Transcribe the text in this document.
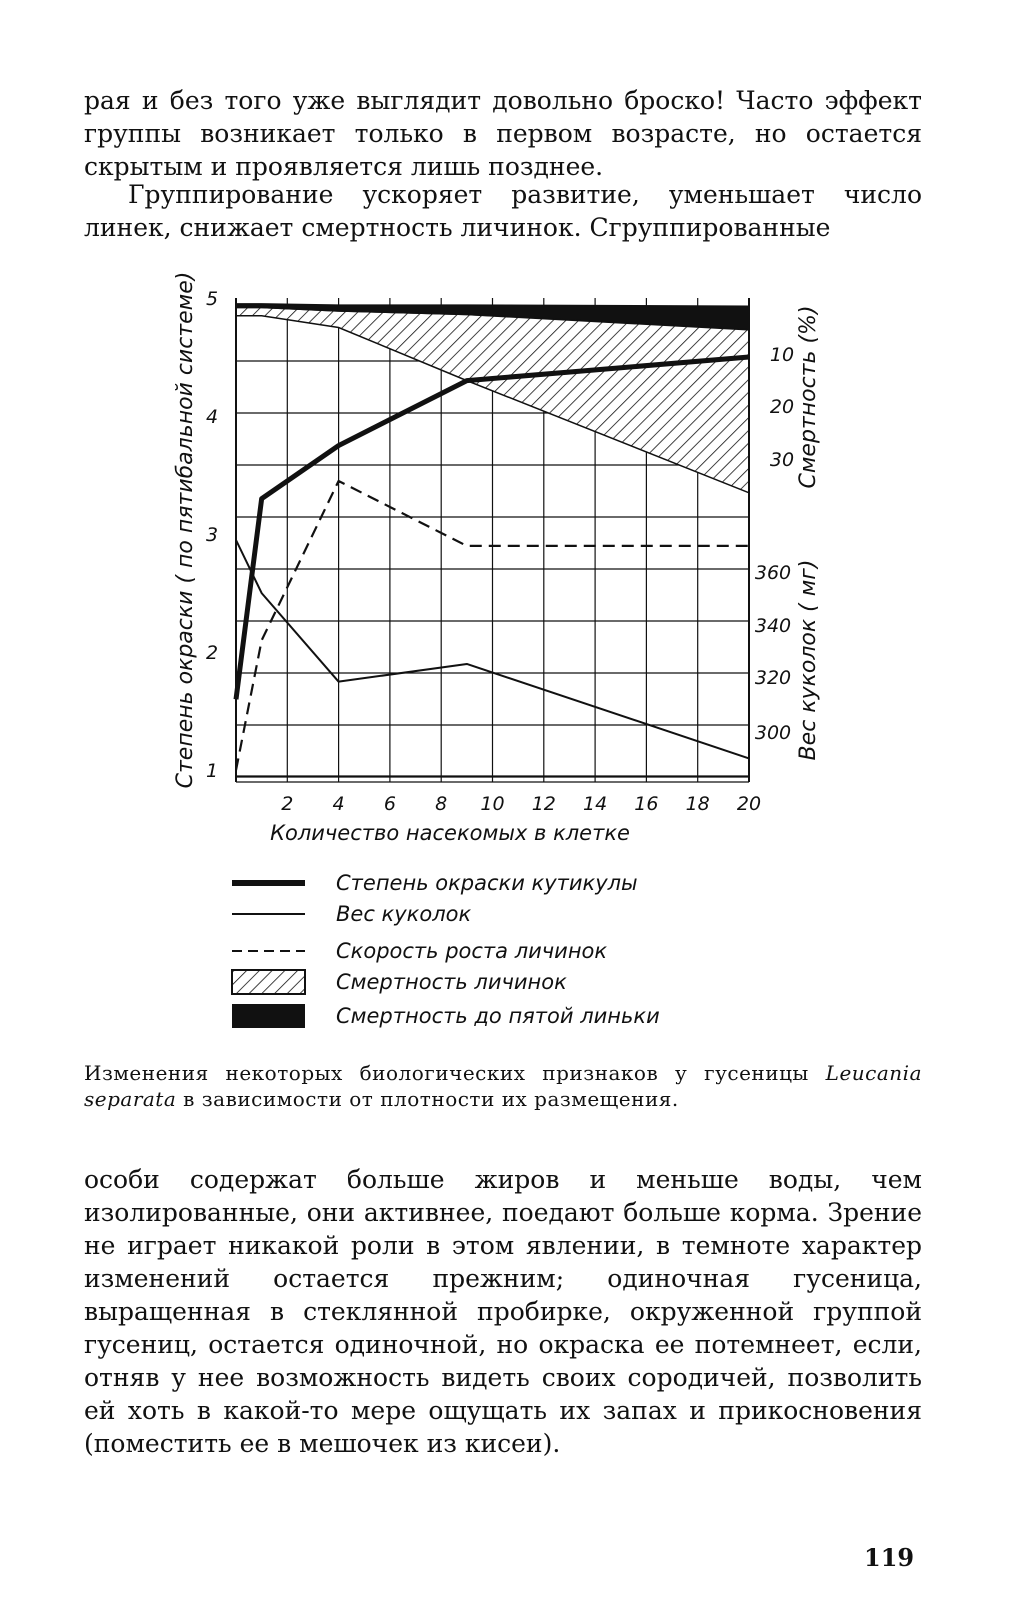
рая и без того уже выглядит довольно броско! Часто эффект группы возникает только в первом возрасте, но остается скрытым и проявляется лишь позднее.

Группирование ускоряет развитие, уменьшает число линек, снижает смертность личинок. Сгруппированные

2 4 6 8 10 12 14 16 18 20
Количество насекомых в клетке
1
2
3
4
5
Степень окраски ( по пятибальной системе)	10
20
30 Смертность (%)
300
320
340
360 Вес куколок ( мг)
Степень окраски кутикулы
Вес куколок
Скорость роста личинок
Смертность личинок
Смертность до пятой линьки
Изменения некоторых биологических признаков у гусеницы Leucania separata в зависимости от плотности их размещения.

особи содержат больше жиров и меньше воды, чем изолированные, они активнее, поедают больше корма. Зрение не играет никакой роли в этом явлении, в темноте характер изменений остается прежним; одиночная гусеница, выращенная в стеклянной пробирке, окруженной группой гусениц, остается одиночной, но окраска ее потемнеет, если, отняв у нее возможность видеть своих сородичей, позволить ей хоть в какой-то мере ощущать их запах и прикосновения (поместить ее в мешочек из кисеи).

119
